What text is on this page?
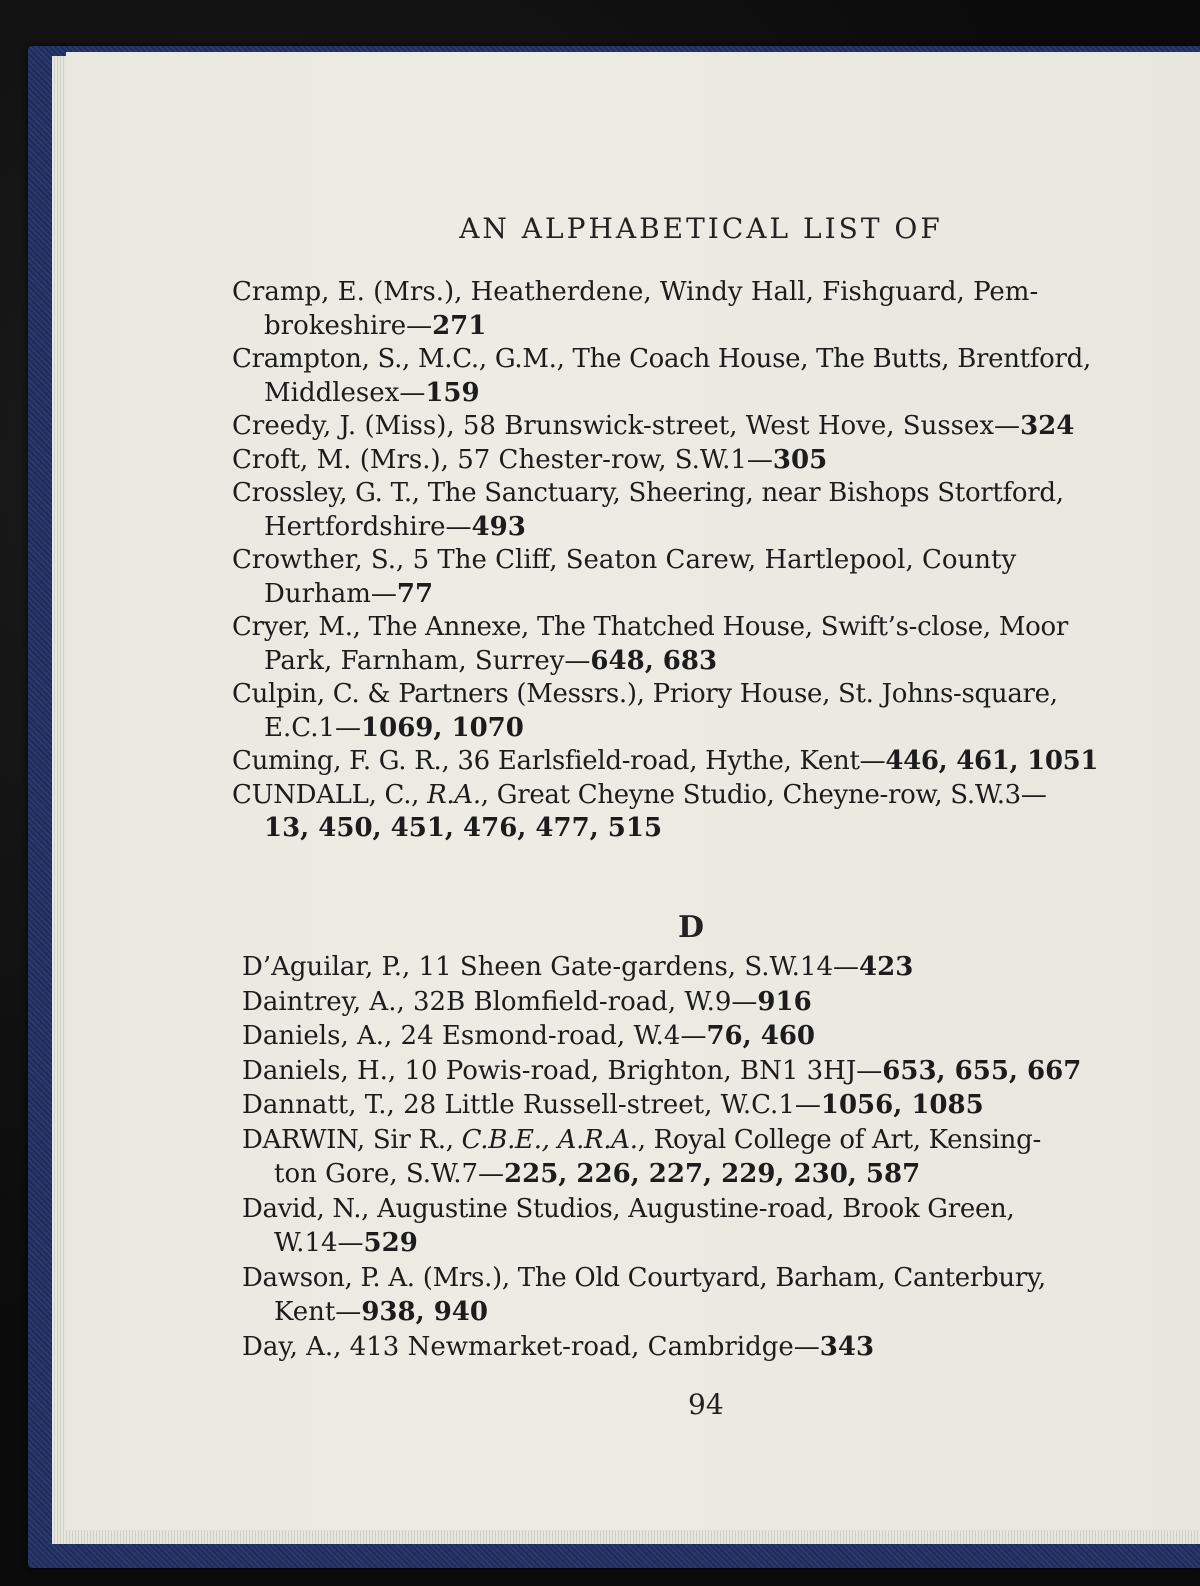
AN ALPHABETICAL LIST OF

Cramp, E. (Mrs.), Heatherdene, Windy Hall, Fishguard, Pem-
brokeshire—271

Crampton, S., M.C., G.M., The Coach House, The Butts, Brentford,
Middlesex—159

Creedy, J. (Miss), 58 Brunswick-street, West Hove, Sussex—324

Croft, M. (Mrs.), 57 Chester-row, S.W.1—305

Crossley, G. T., The Sanctuary, Sheering, near Bishops Stortford,
Hertfordshire—493

Crowther, S., 5 The Cliff, Seaton Carew, Hartlepool, County
Durham—77

Cryer, M., The Annexe, The Thatched House, Swift’s-close, Moor
Park, Farnham, Surrey—648, 683

Culpin, C. & Partners (Messrs.), Priory House, St. Johns-square,
E.C.1—1069, 1070

Cuming, F. G. R., 36 Earlsfield-road, Hythe, Kent—446, 461, 1051

CUNDALL, C., R.A., Great Cheyne Studio, Cheyne-row, S.W.3—
13, 450, 451, 476, 477, 515

D

D’Aguilar, P., 11 Sheen Gate-gardens, S.W.14—423

Daintrey, A., 32B Blomfield-road, W.9—916

Daniels, A., 24 Esmond-road, W.4—76, 460

Daniels, H., 10 Powis-road, Brighton, BN1 3HJ—653, 655, 667

Dannatt, T., 28 Little Russell-street, W.C.1—1056, 1085

DARWIN, Sir R., C.B.E., A.R.A., Royal College of Art, Kensing-
ton Gore, S.W.7—225, 226, 227, 229, 230, 587

David, N., Augustine Studios, Augustine-road, Brook Green,
W.14—529

Dawson, P. A. (Mrs.), The Old Courtyard, Barham, Canterbury,
Kent—938, 940

Day, A., 413 Newmarket-road, Cambridge—343

94
